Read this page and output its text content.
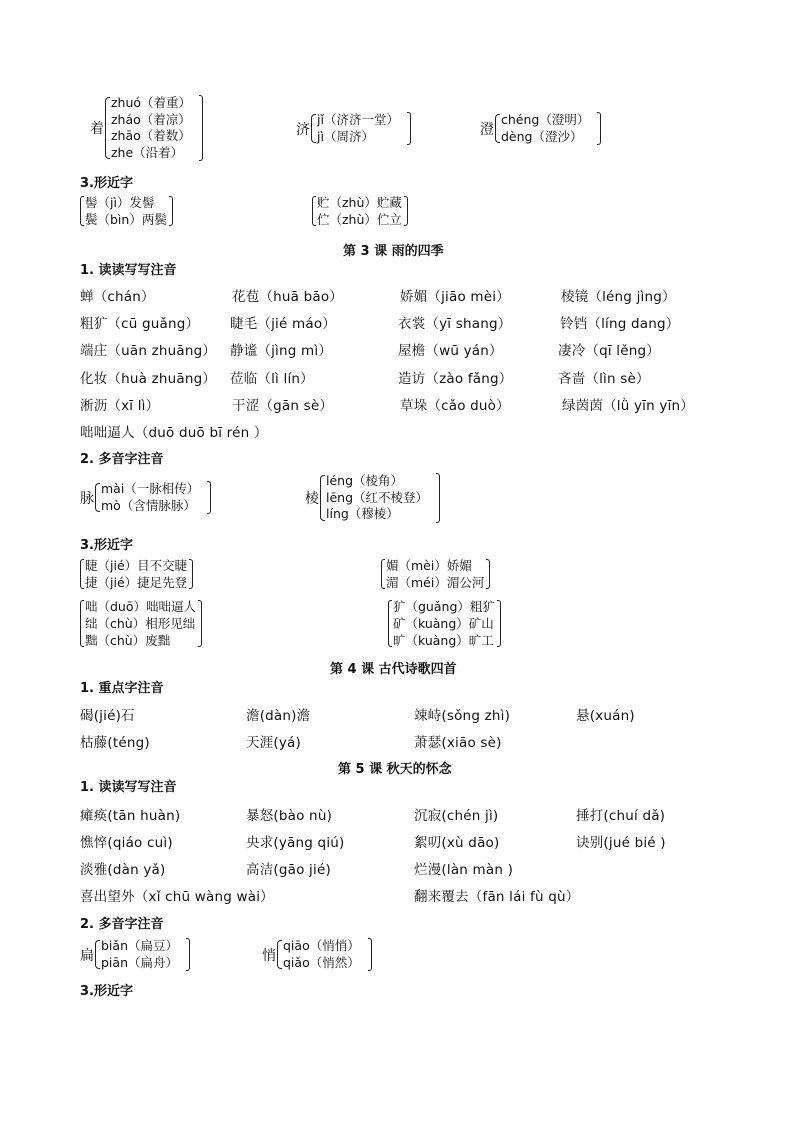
着
zhuó（着重）
zháo（着凉）
zhāo（着数）
zhe（沿着）
济
jǐ（济济一堂）
jì（周济）	澄
chéng（澄明）
dèng（澄沙）
3.形近字
髻（jì）发髻
鬓（bìn）两鬓
贮（zhù）贮藏
伫（zhù）伫立
第 3 课 雨的四季
1. 读读写写注音
蝉（chán）	花苞（huā bāo）	娇媚（jiāo mèi）	棱镜（léng jìng）
粗犷（cū guǎng） 睫毛（jié máo）	衣裳（yī shang）	铃铛（líng dang）
端庄（uān zhuāng） 静谧（jìng mì）	屋檐（wū yán）	凄冷（qī lěng）
化妆（huà zhuāng） 莅临（lì lín）	造访（zào fǎng）	吝啬（lìn sè）
淅沥（xī lì）	干涩（gān sè）	草垛（cǎo duò）	绿茵茵（lǜ yīn yīn）
咄咄逼人（duō duō bī rén ）
2. 多音字注音
脉
mài（一脉相传）
mò（含情脉脉）	棱
léng（棱角）
lēng（红不棱登）
líng（穆棱）
3.形近字
睫（jié）目不交睫
捷（jié）捷足先登
媚（mèi）娇媚
湄（méi）湄公河
咄（duō）咄咄逼人
绌（chù）相形见绌
黜（chù）废黜
犷（guǎng）粗犷
矿（kuàng）矿山
旷（kuàng）旷工
第 4 课 古代诗歌四首
1. 重点字注音
碣(jié)石	澹(dàn)澹	竦峙(sǒng zhì)	悬(xuán)
枯藤(téng)	天涯(yá)	萧瑟(xiāo sè)
第 5 课 秋天的怀念
1. 读读写写注音
瘫痪(tān huàn)	暴怒(bào nù)	沉寂(chén jì)	捶打(chuí dǎ)
憔悴(qiáo cuì)	央求(yāng qiú)	絮叨(xù dāo)	诀别(jué bié )
淡雅(dàn yǎ)	高洁(gāo jié)	烂漫(làn màn )
喜出望外（xǐ chū wàng wài）	翻来覆去（fān lái fù qù）
2. 多音字注音
扁
biǎn（扁豆）
piān（扁舟）	悄
qiāo（悄悄）
qiǎo（悄然）
3.形近字
